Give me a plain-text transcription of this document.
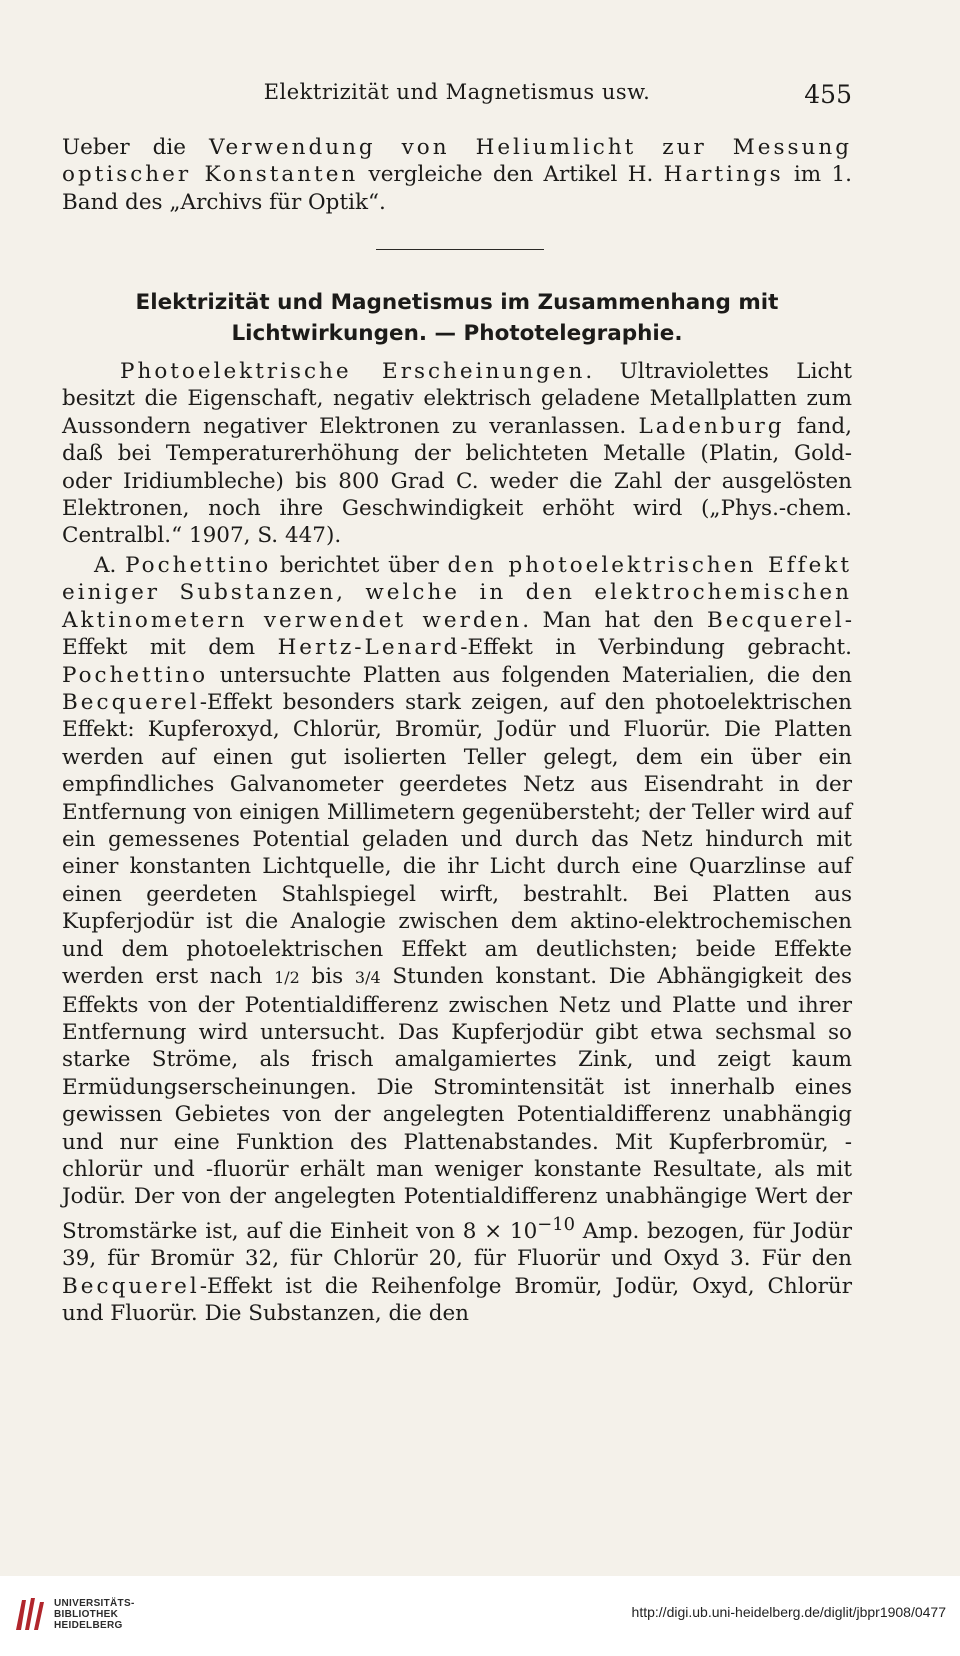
Elektrizität und Magnetismus usw.	455

Ueber die Verwendung von Heliumlicht zur Messung optischer Konstanten vergleiche den Artikel H. Hartings im 1. Band des „Archivs für Optik“.

Elektrizität und Magnetismus im Zusammenhang mit
Lichtwirkungen. — Phototelegraphie.

Photoelektrische Erscheinungen. Ultraviolettes Licht besitzt die Eigenschaft, negativ elektrisch geladene Metallplatten zum Aussondern negativer Elektronen zu veranlassen. Ladenburg fand, daß bei Temperaturerhöhung der belichteten Metalle (Platin, Gold- oder Iridiumbleche) bis 800 Grad C. weder die Zahl der ausgelösten Elektronen, noch ihre Geschwindigkeit erhöht wird („Phys.-chem. Centralbl.“ 1907, S. 447).

A. Pochettino berichtet über den photoelektrischen Effekt einiger Substanzen, welche in den elektrochemischen Aktinometern verwendet werden. Man hat den Becquerel-Effekt mit dem Hertz-Lenard-Effekt in Verbindung gebracht. Pochettino untersuchte Platten aus folgenden Materialien, die den Becquerel-Effekt besonders stark zeigen, auf den photoelektrischen Effekt: Kupferoxyd, Chlorür, Bromür, Jodür und Fluorür. Die Platten werden auf einen gut isolierten Teller gelegt, dem ein über ein empfindliches Galvanometer geerdetes Netz aus Eisendraht in der Entfernung von einigen Millimetern gegenübersteht; der Teller wird auf ein gemessenes Potential geladen und durch das Netz hindurch mit einer konstanten Lichtquelle, die ihr Licht durch eine Quarzlinse auf einen geerdeten Stahlspiegel wirft, bestrahlt. Bei Platten aus Kupferjodür ist die Analogie zwischen dem aktino-elektrochemischen und dem photoelektrischen Effekt am deutlichsten; beide Effekte werden erst nach 1/2 bis 3/4 Stunden konstant. Die Abhängigkeit des Effekts von der Potentialdifferenz zwischen Netz und Platte und ihrer Entfernung wird untersucht. Das Kupferjodür gibt etwa sechsmal so starke Ströme, als frisch amalgamiertes Zink, und zeigt kaum Ermüdungserscheinungen. Die Stromintensität ist innerhalb eines gewissen Gebietes von der angelegten Potentialdifferenz unabhängig und nur eine Funktion des Plattenabstandes. Mit Kupferbromür, -chlorür und -fluorür erhält man weniger konstante Resultate, als mit Jodür. Der von der angelegten Potentialdifferenz unabhängige Wert der Stromstärke ist, auf die Einheit von $8 \times 10^{-10}$ Amp. bezogen, für Jodür 39, für Bromür 32, für Chlorür 20, für Fluorür und Oxyd 3. Für den Becquerel-Effekt ist die Reihenfolge Bromür, Jodür, Oxyd, Chlorür und Fluorür. Die Substanzen, die den

UNIVERSITÄTS-
BIBLIOTHEK
HEIDELBERG
http://digi.ub.uni-heidelberg.de/diglit/jbpr1908/0477
